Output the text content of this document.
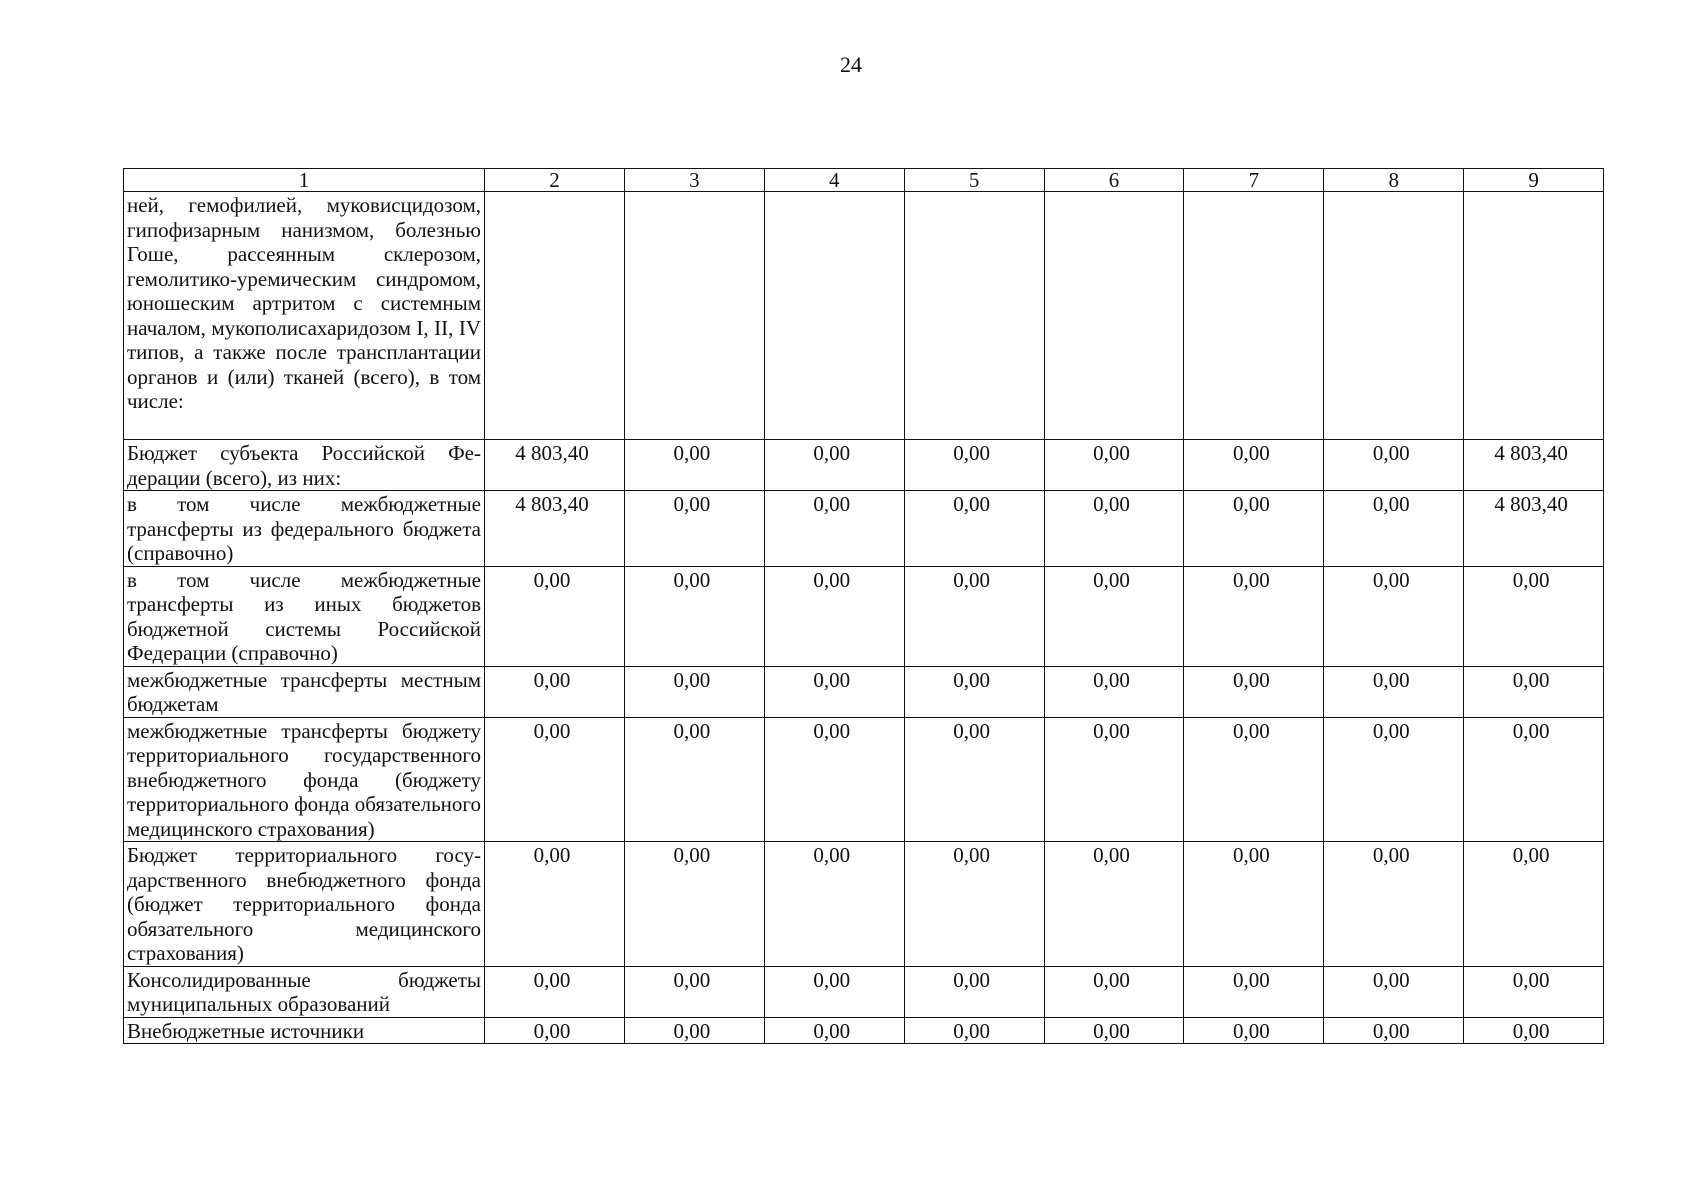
24
1	2	3	4	5	6	7	8	9
ней, гемофилией, муковисцидозом, гипофизарным нанизмом, болезнью Гоше, рассеянным склерозом, гемолитико-уремическим синдромом, юношеским артритом с системным началом, мукополисахаридозом I, II, IV типов, а также после трансплантaции органов и (или) тканей (всего), в том числе:								
Бюджет субъекта Российской Федерации (всего), из них:	4 803,40	0,00	0,00	0,00	0,00	0,00	0,00	4 803,40
в том числе межбюджетные трансферты из федерального бюджета (справочно)	4 803,40	0,00	0,00	0,00	0,00	0,00	0,00	4 803,40
в том числе межбюджетные трансферты из иных бюджетов бюджетной системы Российской Федерации (справочно)	0,00	0,00	0,00	0,00	0,00	0,00	0,00	0,00
межбюджетные трансферты местным бюджетам	0,00	0,00	0,00	0,00	0,00	0,00	0,00	0,00
межбюджетные трансферты бюджету территориального государственного внебюджетного фонда (бюджету территориального фонда обязательного медицинского страхования)	0,00	0,00	0,00	0,00	0,00	0,00	0,00	0,00
Бюджет территориального государственного внебюджетного фонда (бюджет территориального фонда обязательного медицинского страхования)	0,00	0,00	0,00	0,00	0,00	0,00	0,00	0,00
Консолидированные бюджеты муниципальных образований	0,00	0,00	0,00	0,00	0,00	0,00	0,00	0,00
Внебюджетные источники	0,00	0,00	0,00	0,00	0,00	0,00	0,00	0,00
